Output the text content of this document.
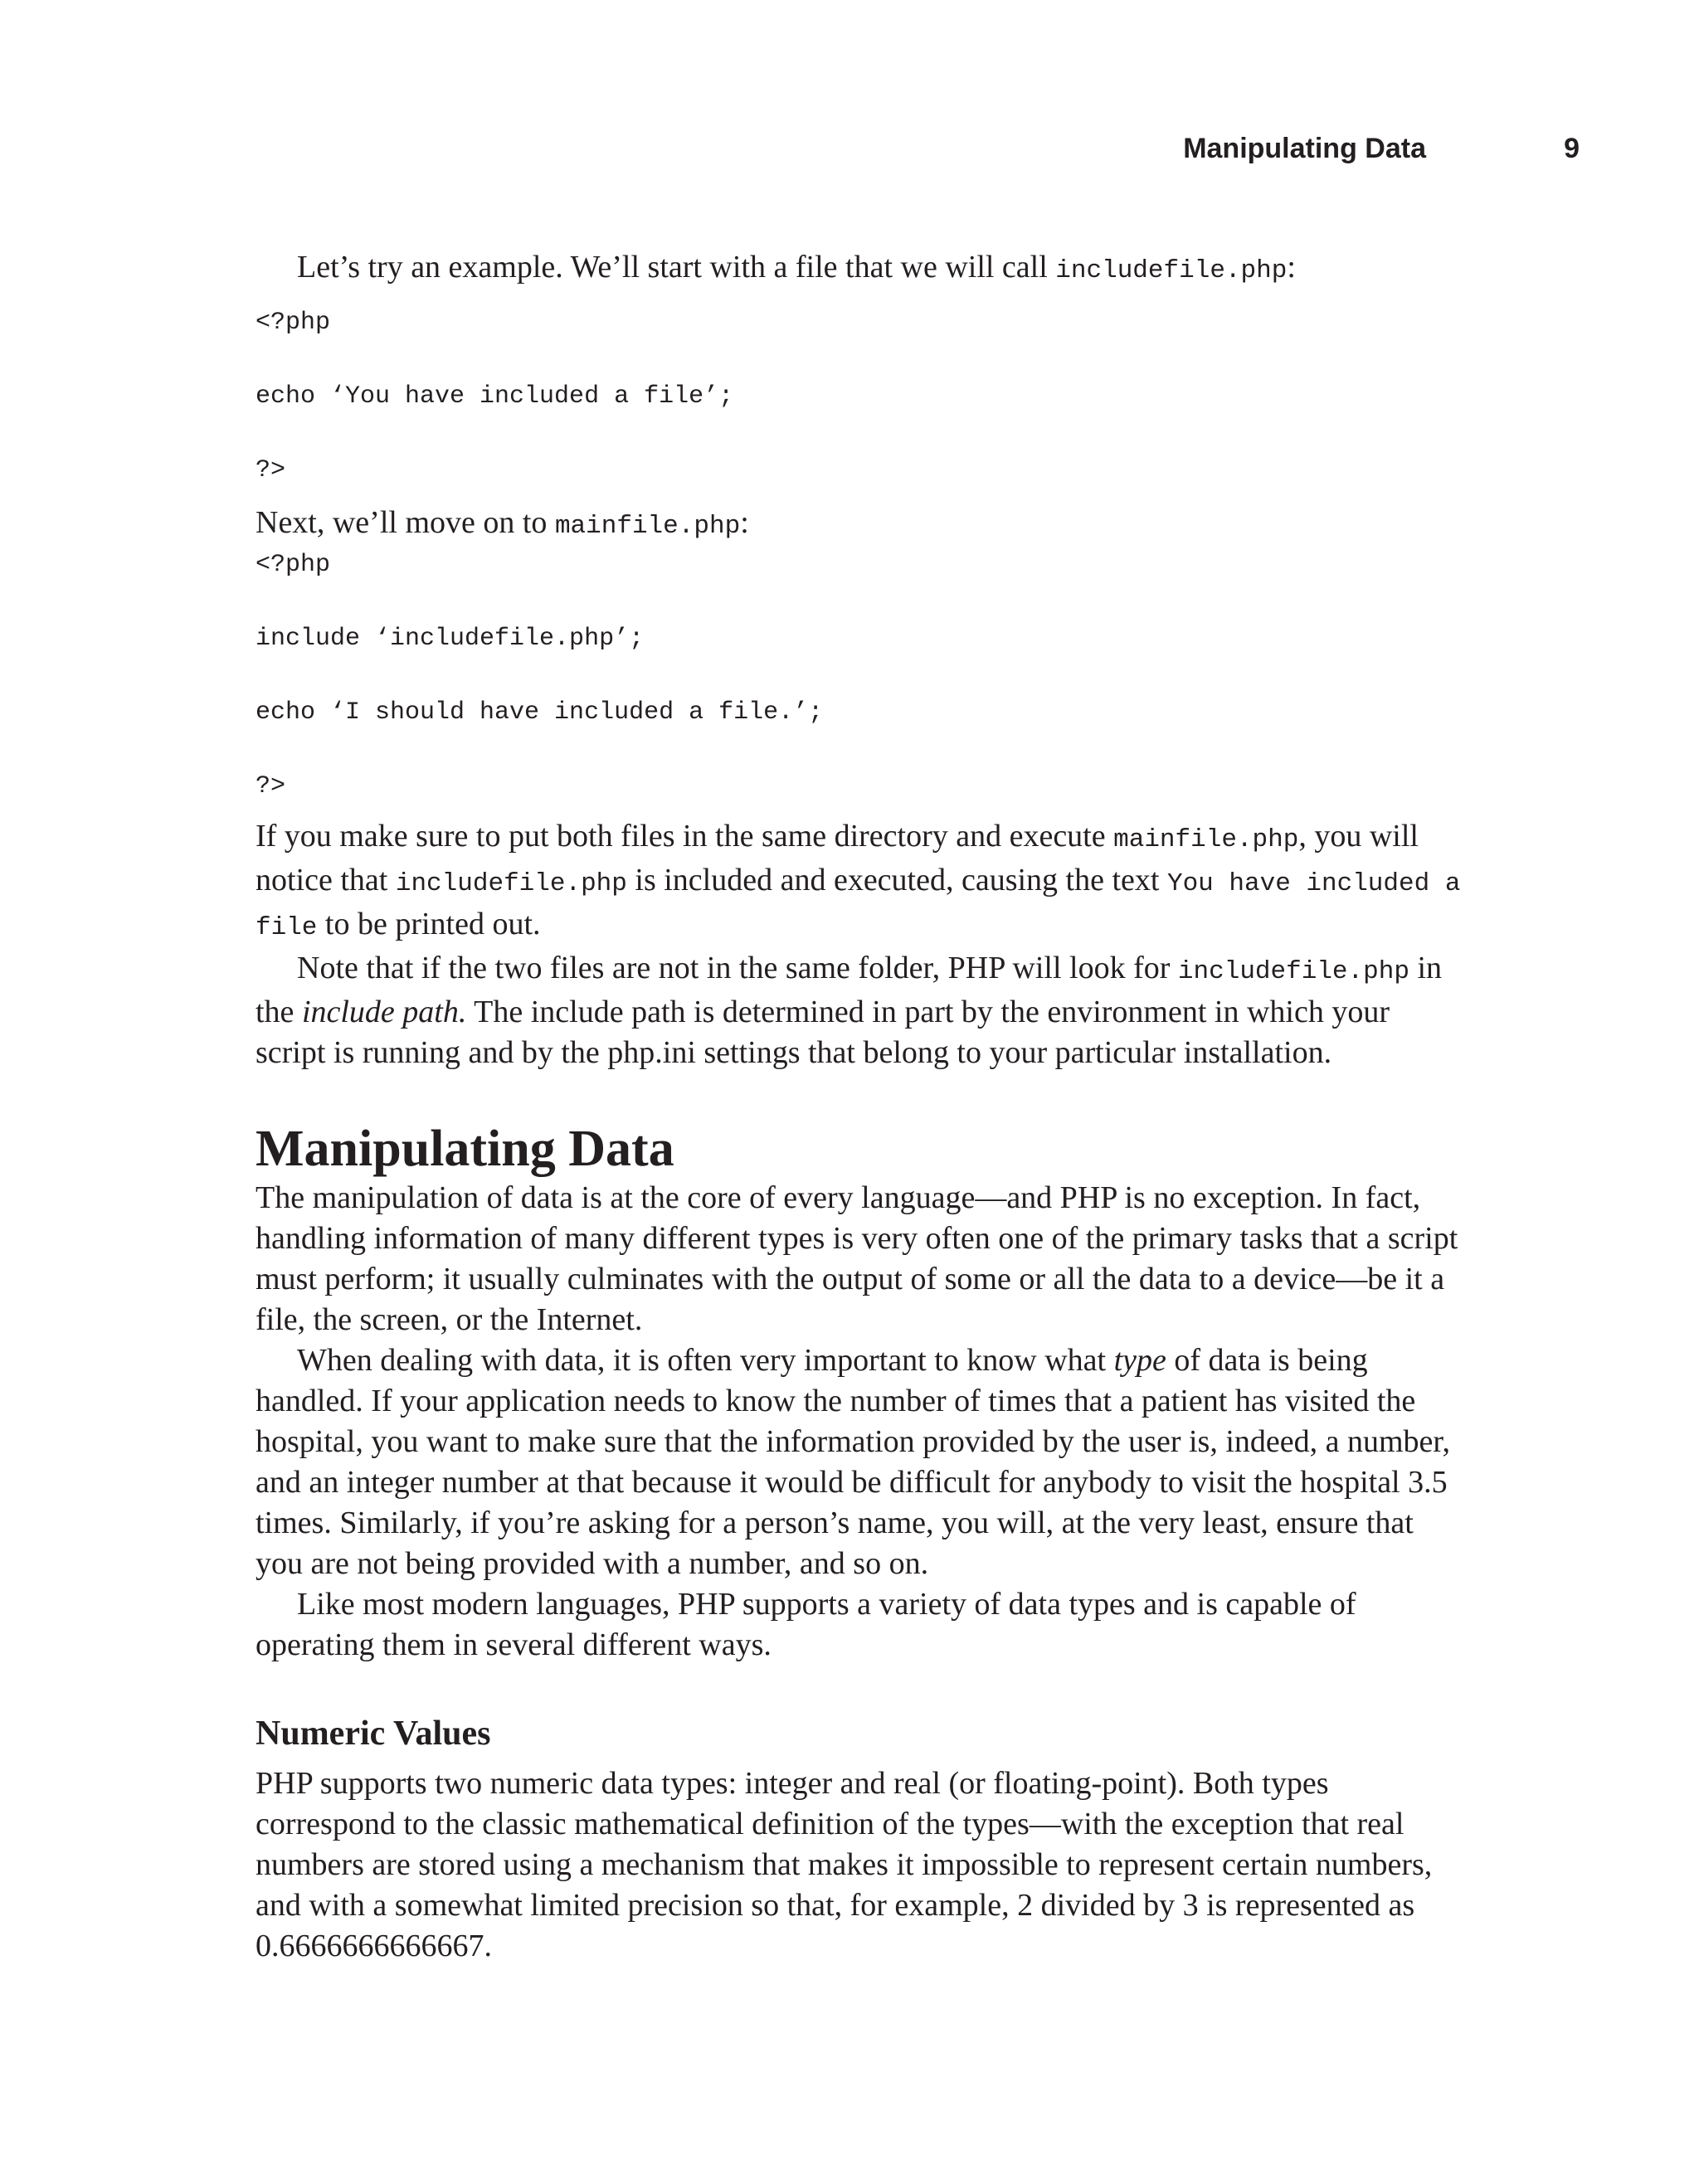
Manipulating Data	9

Let’s try an example. We’ll start with a file that we will call includefile.php:

<?php

echo ‘You have included a file’;

?>

Next, we’ll move on to mainfile.php:

<?php

include ‘includefile.php’;

echo ‘I should have included a file.’;

?>

If you make sure to put both files in the same directory and execute mainfile.php, you will notice that includefile.php is included and executed, causing the text You have included a file to be printed out.

Note that if the two files are not in the same folder, PHP will look for includefile.php in the include path. The include path is determined in part by the environment in which your script is running and by the php.ini settings that belong to your particular installation.

Manipulating Data

The manipulation of data is at the core of every language—and PHP is no exception. In fact, handling information of many different types is very often one of the primary tasks that a script must perform; it usually culminates with the output of some or all the data to a device—be it a file, the screen, or the Internet.

When dealing with data, it is often very important to know what type of data is being handled. If your application needs to know the number of times that a patient has visited the hospital, you want to make sure that the information provided by the user is, indeed, a number, and an integer number at that because it would be difficult for anybody to visit the hospital 3.5 times. Similarly, if you’re asking for a person’s name, you will, at the very least, ensure that you are not being provided with a number, and so on.

Like most modern languages, PHP supports a variety of data types and is capable of operating them in several different ways.

Numeric Values

PHP supports two numeric data types: integer and real (or floating-point). Both types correspond to the classic mathematical definition of the types—with the exception that real numbers are stored using a mechanism that makes it impossible to represent certain numbers, and with a somewhat limited precision so that, for example, 2 divided by 3 is represented as 0.6666666666667.
